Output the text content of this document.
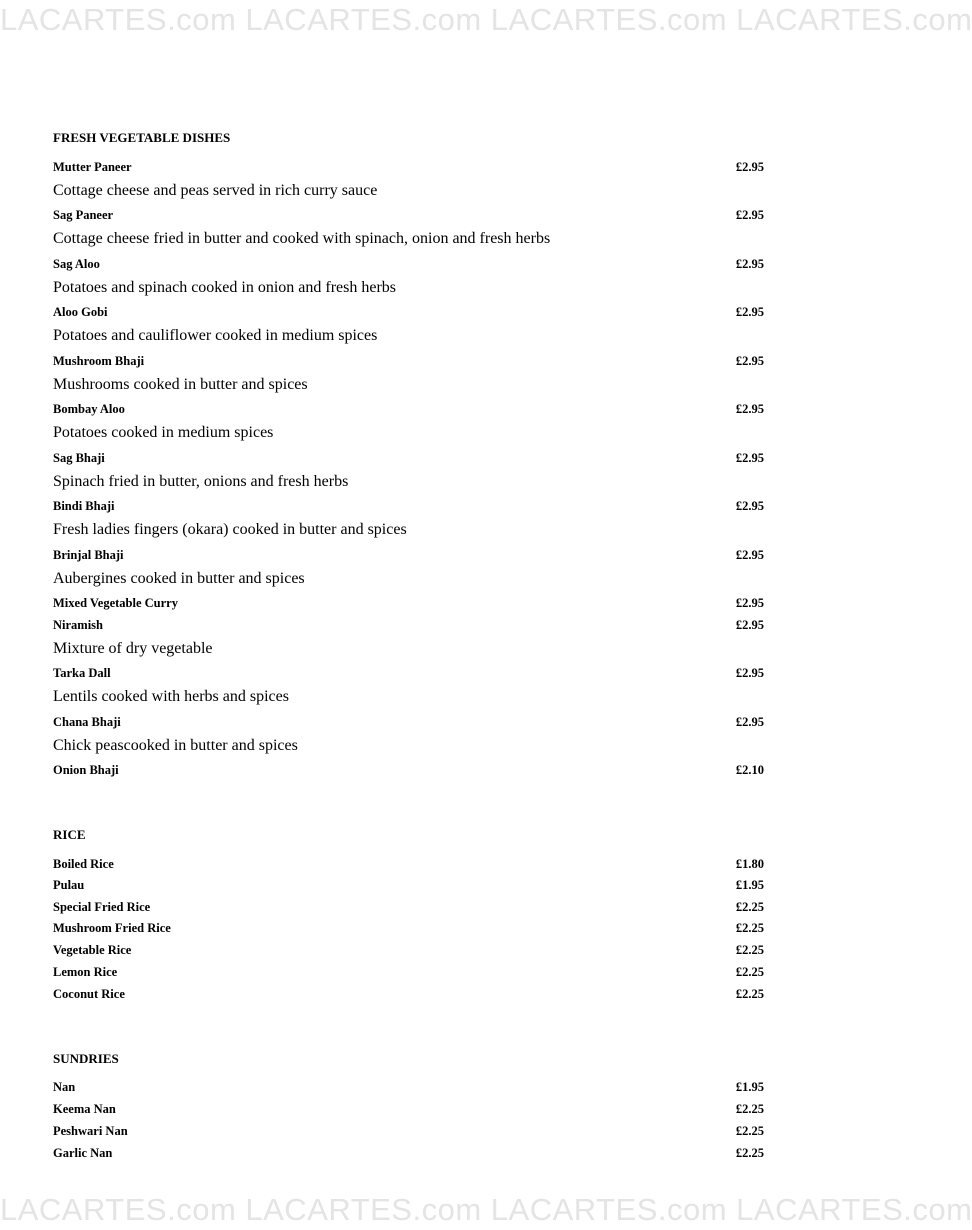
LACARTES.com LACARTES.com LACARTES.com LACARTES.com
FRESH VEGETABLE DISHES
Mutter Paneer	£2.95
Cottage cheese and peas served in rich curry sauce
Sag Paneer	£2.95
Cottage cheese fried in butter and cooked with spinach, onion and fresh herbs
Sag Aloo	£2.95
Potatoes and spinach cooked in onion and fresh herbs
Aloo Gobi	£2.95
Potatoes and cauliflower cooked in medium spices
Mushroom Bhaji	£2.95
Mushrooms cooked in butter and spices
Bombay Aloo	£2.95
Potatoes cooked in medium spices
Sag Bhaji	£2.95
Spinach fried in butter, onions and fresh herbs
Bindi Bhaji	£2.95
Fresh ladies fingers (okara) cooked in butter and spices
Brinjal Bhaji	£2.95
Aubergines cooked in butter and spices
Mixed Vegetable Curry	£2.95
Niramish	£2.95
Mixture of dry vegetable
Tarka Dall	£2.95
Lentils cooked with herbs and spices
Chana Bhaji	£2.95
Chick peascooked in butter and spices
Onion Bhaji	£2.10
RICE
Boiled Rice	£1.80
Pulau	£1.95
Special Fried Rice	£2.25
Mushroom Fried Rice	£2.25
Vegetable Rice	£2.25
Lemon Rice	£2.25
Coconut Rice	£2.25
SUNDRIES
Nan	£1.95
Keema Nan	£2.25
Peshwari Nan	£2.25
Garlic Nan	£2.25
LACARTES.com LACARTES.com LACARTES.com LACARTES.com
